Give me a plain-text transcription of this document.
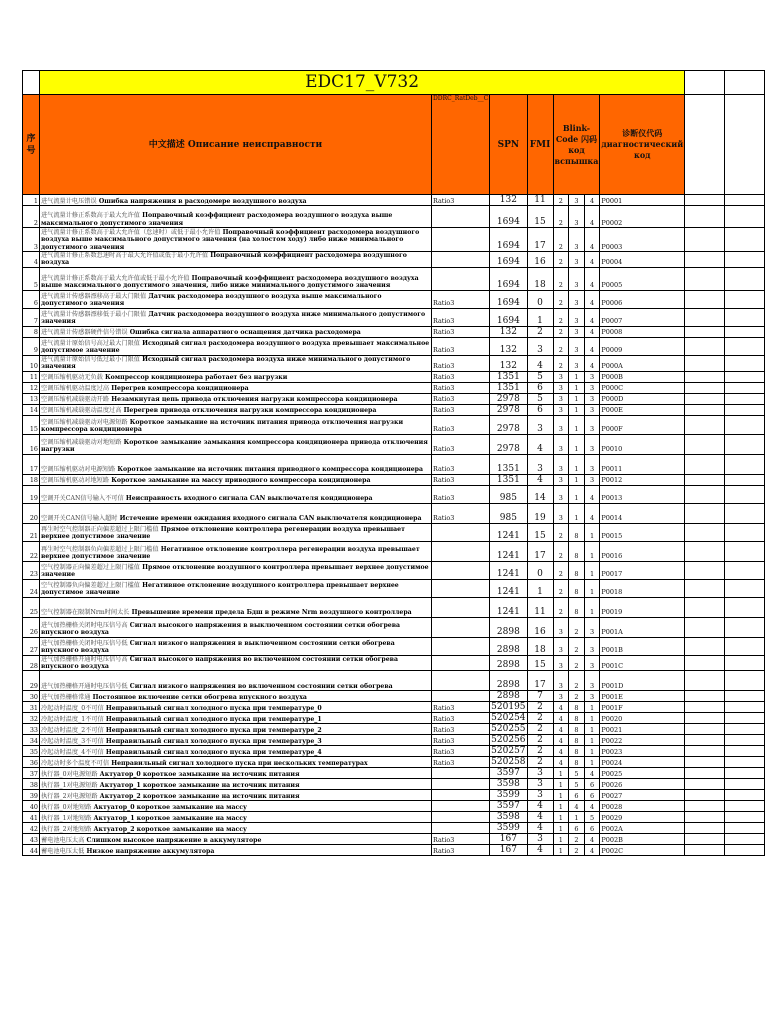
	EDC17_V732									
序号	中文描述 Описание неисправности	DDRC_RatDeb__C	SPN	FMI	Blink-Code 闪码 код вспышка			诊断仪代码 диагностический код		
1	进气流量计电压错误 Ошибка напряжения в расходомере воздушного воздуха	Ratio3	132	11	2	3	4	P0001		
2	进气流量计修正系数高于最大允许值 Поправочный коэффициент расходомера воздушного воздуха выше максимального допустимого значения		1694	15	2	3	4	P0002		
3	进气流量计修正系数高于最大允许值（怠速时）或低于最小允许值 Поправочный коэффициент расходомера воздушного воздуха выше максимального допустимого значения (на холостом ходу) либо ниже минимального допустимого значения		1694	17	2	3	4	P0003		
4	进气流量计修正系数怠速时高于最大允许值或低于最小允许值 Поправочный коэффициент расходомера воздушного воздуха		1694	16	2	3	4	P0004		
5	进气流量计修正系数高于最大允许值或低于最小允许值 Поправочный коэффициент расходомера воздушного воздуха выше максимального допустимого значения, либо ниже минимального допустимого значения		1694	18	2	3	4	P0005		
6	进气流量计传感器漂移高于最大门限值 Датчик расходомера воздушного воздуха выше максимального допустимого значения	Ratio3	1694	0	2	3	4	P0006		
7	进气流量计传感器漂移低于最小门限值 Датчик расходомера воздушного воздуха ниже минимального допустимого значения	Ratio3	1694	1	2	3	4	P0007		
8	进气流量计传感器硬件信号错误 Ошибка сигнала аппаратного оснащения датчика расходомера	Ratio3	132	2	2	3	4	P0008		
9	进气流量计原始信号高过最大门限值 Исходный сигнал расходомера воздушного воздуха превышает максимальное допустимое значение	Ratio3	132	3	2	3	4	P0009		
10	进气流量计原始信号低过最小门限值 Исходный сигнал расходомера воздуха ниже минимального допустимого значения	Ratio3	132	4	2	3	4	P000A		
11	空调压缩机驱动无负载 Компрессор кондиционера работает без нагрузки	Ratio3	1351	5	3	1	3	P000B		
12	空调压缩机驱动温度过高 Перегрев компрессора кондиционера	Ratio3	1351	6	3	1	3	P000C		
13	空调压缩机减载驱动开路 Незамкнутая цепь привода отключения нагрузки компрессора кондиционера	Ratio3	2978	5	3	1	3	P000D		
14	空调压缩机减载驱动温度过高 Перегрев привода отключения нагрузки компрессора кондиционера	Ratio3	2978	6	3	1	3	P000E		
15	空调压缩机减载驱动对电源短路 Короткое замыкание на источник питания привода отключения нагрузки компрессора кондиционера	Ratio3	2978	3	3	1	3	P000F		
16	空调压缩机减载驱动对地短路 Короткое замыкание замыкания компрессора кондиционера привода отключения нагрузки	Ratio3	2978	4	3	1	3	P0010		
17	空调压缩机驱动对电源短路 Короткое замыкание на источник питания приводного компрессора кондиционера	Ratio3	1351	3	3	1	3	P0011		
18	空调压缩机驱动对地短路 Короткое замыкание на массу приводного компрессора кондиционера	Ratio3	1351	4	3	1	3	P0012		
19	空调开关CAN信号输入不可信 Неисправность входного сигнала CAN выключателя кондиционера	Ratio3	985	14	3	1	4	P0013		
20	空调开关CAN信号输入超时 Истечение времени ожидания входного сигнала CAN выключателя кондиционера	Ratio3	985	19	3	1	4	P0014		
21	再生时空气控制器正向偏差超过上限门槛值 Прямое отклонение контроллера регенерации воздуха превышает верхнее допустимое значение		1241	15	2	8	1	P0015		
22	再生时空气控制器负向偏差超过上限门槛值 Негативное отклонение контроллера регенерации воздуха превышает верхнее допустимое значение		1241	17	2	8	1	P0016		
23	空气控制器正向偏差超过上限门槛值 Прямое отклонение воздушного контроллера превышает верхнее допустимое значение		1241	0	2	8	1	P0017		
24	空气控制器负向偏差超过上限门槛值 Негативное отклонение воздушного контроллера превышает верхнее допустимое значение		1241	1	2	8	1	P0018		
25	空气控制器在限制Nrm时间太长 Превышение времени предела Бдш в режиме Nrm воздушного контроллера		1241	11	2	8	1	P0019		
26	进气加热栅格关闭时电压信号高 Сигнал высокого напряжения в выключенном состоянии сетки обогрева впускного воздуха		2898	16	3	2	3	P001A		
27	进气加热栅格关闭时电压信号低 Сигнал низкого напряжения в выключенном состоянии сетки обогрева впускного воздуха		2898	18	3	2	3	P001B		
28	进气加热栅格开通时电压信号高 Сигнал высокого напряжения во включенном состоянии сетки обогрева впускного воздуха		2898	15	3	2	3	P001C		
29	进气加热栅格开通时电压信号低 Сигнал низкого напряжения во включенном состоянии сетки обогрева		2898	17	3	2	3	P001D		
30	进气加热栅格常通 Постоянное включение сетки обогрева впускного воздуха		2898	7	3	2	3	P001E		
31	冷起动时温度_0不可信 Неправильный сигнал холодного пуска при температуре_0	Ratio3	520195	2	4	8	1	P001F		
32	冷起动时温度_1不可信 Неправильный сигнал холодного пуска при температуре_1	Ratio3	520254	2	4	8	1	P0020		
33	冷起动时温度_2不可信 Неправильный сигнал холодного пуска при температуре_2	Ratio3	520255	2	4	8	1	P0021		
34	冷起动时温度_3不可信 Неправильный сигнал холодного пуска при температуре_3	Ratio3	520256	2	4	8	1	P0022		
35	冷起动时温度_4不可信 Неправильный сигнал холодного пуска при температуре_4	Ratio3	520257	2	4	8	1	P0023		
36	冷起动时多个温度不可信 Неправильный сигнал холодного пуска при нескольких температурах	Ratio3	520258	2	4	8	1	P0024		
37	执行器_0对电源短路 Актуатор_0 короткое замыкание на источник питания		3597	3	1	5	4	P0025		
38	执行器_1对电源短路 Актуатор_1 короткое замыкание на источник питания		3598	3	1	5	6	P0026		
39	执行器_2对电源短路 Актуатор_2 короткое замыкание на источник питания		3599	3	1	6	6	P0027		
40	执行器_0对地短路 Актуатор_0 короткое замыкание на массу		3597	4	1	4	4	P0028		
41	执行器_1对地短路 Актуатор_1 короткое замыкание на массу		3598	4	1	1	5	P0029		
42	执行器_2对地短路 Актуатор_2 короткое замыкание на массу		3599	4	1	6	6	P002A		
43	蓄电池电压太高 Слишком высокое напряжение в аккумуляторе	Ratio3	167	3	1	2	4	P002B		
44	蓄电池电压太低 Низкое напряжение аккумулятора	Ratio3	167	4	1	2	4	P002C		
